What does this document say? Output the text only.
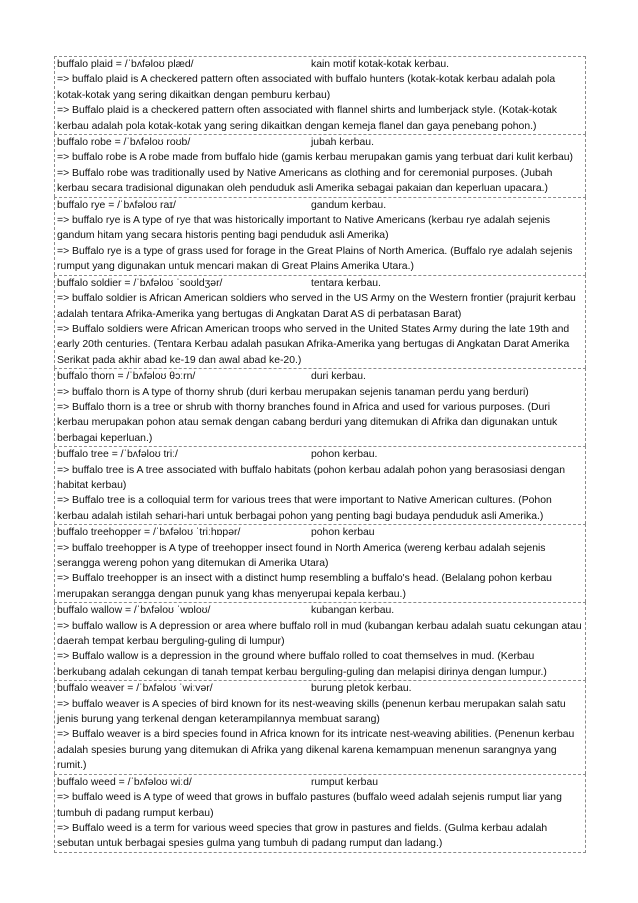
buffalo plaid = /ˈbʌfəloʊ plæd/	kain motif kotak-kotak kerbau.
=> buffalo plaid is A checkered pattern often associated with buffalo hunters (kotak-kotak kerbau adalah pola kotak-kotak yang sering dikaitkan dengan pemburu kerbau)
=> Buffalo plaid is a checkered pattern often associated with flannel shirts and lumberjack style. (Kotak-kotak kerbau adalah pola kotak-kotak yang sering dikaitkan dengan kemeja flanel dan gaya penebang pohon.)
buffalo robe = /ˈbʌfəloʊ roʊb/	jubah kerbau.
=> buffalo robe is A robe made from buffalo hide (gamis kerbau merupakan gamis yang terbuat dari kulit kerbau)
=> Buffalo robe was traditionally used by Native Americans as clothing and for ceremonial purposes. (Jubah kerbau secara tradisional digunakan oleh penduduk asli Amerika sebagai pakaian dan keperluan upacara.)
buffalo rye = /ˈbʌfəloʊ raɪ/	gandum kerbau.
=> buffalo rye is A type of rye that was historically important to Native Americans (kerbau rye adalah sejenis gandum hitam yang secara historis penting bagi penduduk asli Amerika)
=> Buffalo rye is a type of grass used for forage in the Great Plains of North America. (Buffalo rye adalah sejenis rumput yang digunakan untuk mencari makan di Great Plains Amerika Utara.)
buffalo soldier = /ˈbʌfəloʊ ˈsoʊldʒər/	tentara kerbau.
=> buffalo soldier is African American soldiers who served in the US Army on the Western frontier (prajurit kerbau adalah tentara Afrika-Amerika yang bertugas di Angkatan Darat AS di perbatasan Barat)
=> Buffalo soldiers were African American troops who served in the United States Army during the late 19th and early 20th centuries. (Tentara Kerbau adalah pasukan Afrika-Amerika yang bertugas di Angkatan Darat Amerika Serikat pada akhir abad ke-19 dan awal abad ke-20.)
buffalo thorn = /ˈbʌfəloʊ θɔːrn/	duri kerbau.
=> buffalo thorn is A type of thorny shrub (duri kerbau merupakan sejenis tanaman perdu yang berduri)
=> Buffalo thorn is a tree or shrub with thorny branches found in Africa and used for various purposes. (Duri kerbau merupakan pohon atau semak dengan cabang berduri yang ditemukan di Afrika dan digunakan untuk berbagai keperluan.)
buffalo tree = /ˈbʌfəloʊ triː/	pohon kerbau.
=> buffalo tree is A tree associated with buffalo habitats (pohon kerbau adalah pohon yang berasosiasi dengan habitat kerbau)
=> Buffalo tree is a colloquial term for various trees that were important to Native American cultures. (Pohon kerbau adalah istilah sehari-hari untuk berbagai pohon yang penting bagi budaya penduduk asli Amerika.)
buffalo treehopper = /ˈbʌfəloʊ ˈtriːhɒpər/	pohon kerbau
=> buffalo treehopper is A type of treehopper insect found in North America (wereng kerbau adalah sejenis serangga wereng pohon yang ditemukan di Amerika Utara)
=> Buffalo treehopper is an insect with a distinct hump resembling a buffalo's head. (Belalang pohon kerbau merupakan serangga dengan punuk yang khas menyerupai kepala kerbau.)
buffalo wallow = /ˈbʌfəloʊ ˈwɒloʊ/	kubangan kerbau.
=> buffalo wallow is A depression or area where buffalo roll in mud (kubangan kerbau adalah suatu cekungan atau daerah tempat kerbau berguling-guling di lumpur)
=> Buffalo wallow is a depression in the ground where buffalo rolled to coat themselves in mud. (Kerbau berkubang adalah cekungan di tanah tempat kerbau berguling-guling dan melapisi dirinya dengan lumpur.)
buffalo weaver = /ˈbʌfəloʊ ˈwiːvər/	burung pletok kerbau.
=> buffalo weaver is A species of bird known for its nest-weaving skills (penenun kerbau merupakan salah satu jenis burung yang terkenal dengan keterampilannya membuat sarang)
=> Buffalo weaver is a bird species found in Africa known for its intricate nest-weaving abilities. (Penenun kerbau adalah spesies burung yang ditemukan di Afrika yang dikenal karena kemampuan menenun sarangnya yang rumit.)
buffalo weed = /ˈbʌfəloʊ wiːd/	rumput kerbau
=> buffalo weed is A type of weed that grows in buffalo pastures (buffalo weed adalah sejenis rumput liar yang tumbuh di padang rumput kerbau)
=> Buffalo weed is a term for various weed species that grow in pastures and fields. (Gulma kerbau adalah sebutan untuk berbagai spesies gulma yang tumbuh di padang rumput dan ladang.)
